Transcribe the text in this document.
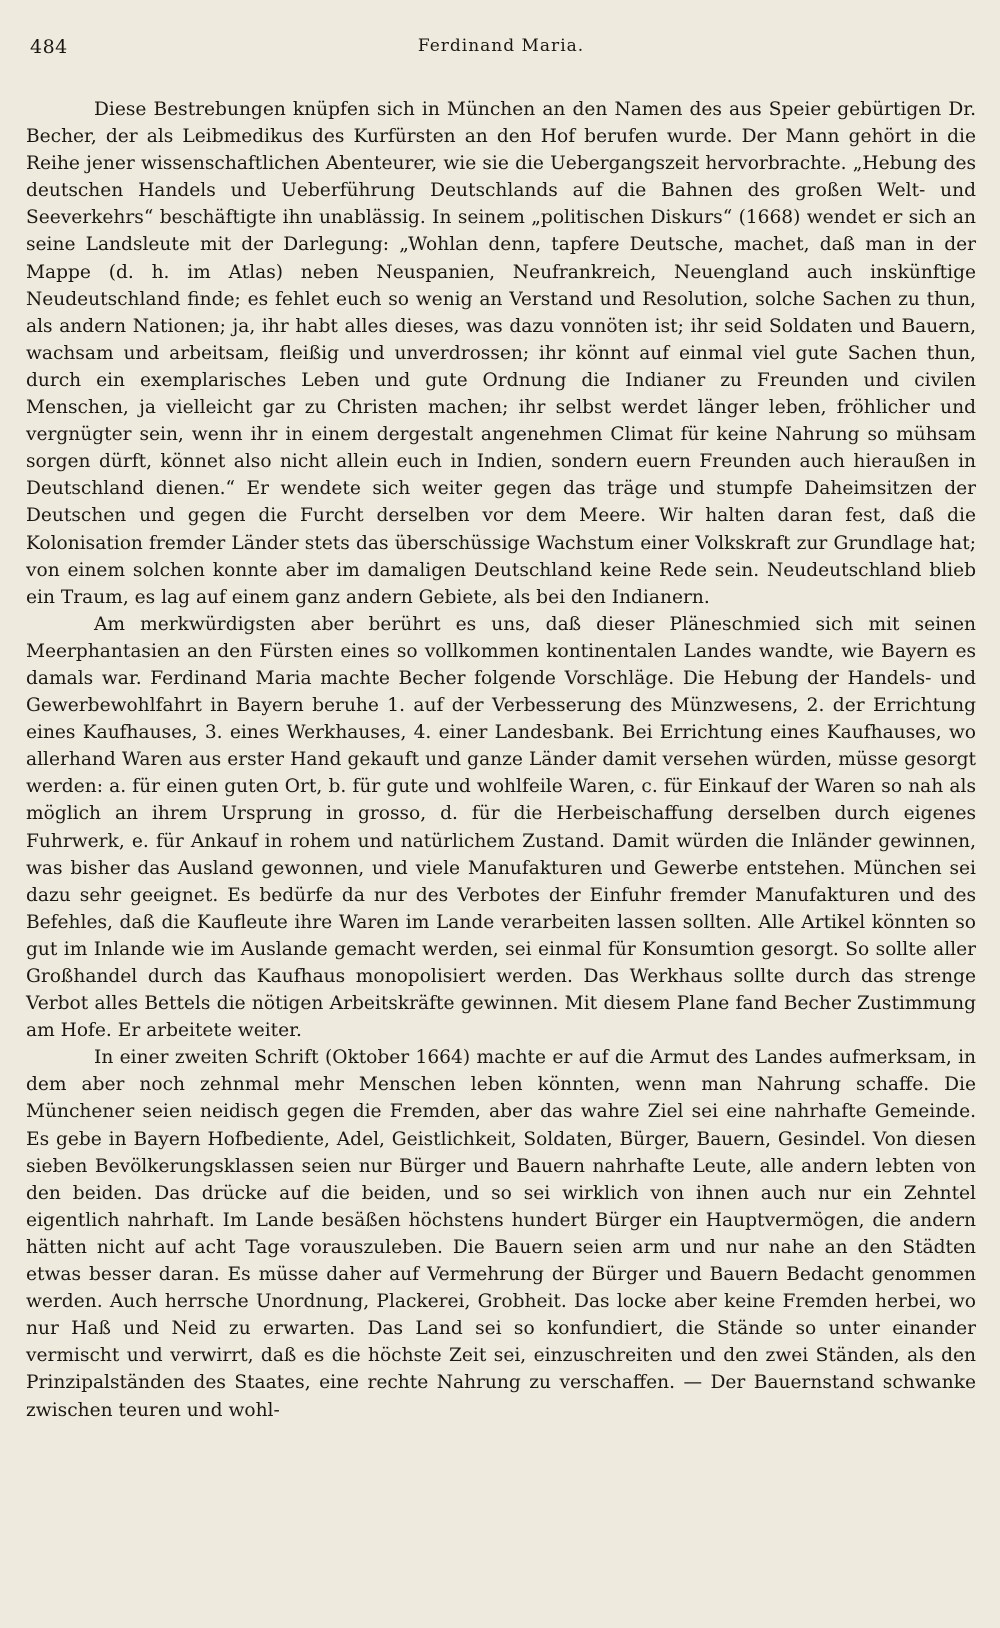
484	Ferdinand Maria.

Diese Bestrebungen knüpfen sich in München an den Namen des aus Speier gebürtigen Dr. Becher, der als Leibmedikus des Kurfürsten an den Hof berufen wurde. Der Mann gehört in die Reihe jener wissenschaftlichen Abenteurer, wie sie die Uebergangszeit hervorbrachte. „Hebung des deutschen Handels und Ueberführung Deutschlands auf die Bahnen des großen Welt- und Seeverkehrs“ beschäftigte ihn unablässig. In seinem „politischen Diskurs“ (1668) wendet er sich an seine Landsleute mit der Darlegung: „Wohlan denn, tapfere Deutsche, machet, daß man in der Mappe (d. h. im Atlas) neben Neuspanien, Neufrankreich, Neuengland auch inskünftige Neudeutschland finde; es fehlet euch so wenig an Verstand und Resolution, solche Sachen zu thun, als andern Nationen; ja, ihr habt alles dieses, was dazu vonnöten ist; ihr seid Soldaten und Bauern, wachsam und arbeitsam, fleißig und unverdrossen; ihr könnt auf einmal viel gute Sachen thun, durch ein exemplarisches Leben und gute Ordnung die Indianer zu Freunden und civilen Menschen, ja vielleicht gar zu Christen machen; ihr selbst werdet länger leben, fröhlicher und vergnügter sein, wenn ihr in einem dergestalt angenehmen Climat für keine Nahrung so mühsam sorgen dürft, könnet also nicht allein euch in Indien, sondern euern Freunden auch hieraußen in Deutschland dienen.“ Er wendete sich weiter gegen das träge und stumpfe Daheimsitzen der Deutschen und gegen die Furcht derselben vor dem Meere. Wir halten daran fest, daß die Kolonisation fremder Länder stets das überschüssige Wachstum einer Volkskraft zur Grundlage hat; von einem solchen konnte aber im damaligen Deutschland keine Rede sein. Neudeutschland blieb ein Traum, es lag auf einem ganz andern Gebiete, als bei den Indianern.

Am merkwürdigsten aber berührt es uns, daß dieser Pläneschmied sich mit seinen Meerphantasien an den Fürsten eines so vollkommen kontinentalen Landes wandte, wie Bayern es damals war. Ferdinand Maria machte Becher folgende Vorschläge. Die Hebung der Handels- und Gewerbewohlfahrt in Bayern beruhe 1. auf der Verbesserung des Münzwesens, 2. der Errichtung eines Kaufhauses, 3. eines Werkhauses, 4. einer Landesbank. Bei Errichtung eines Kaufhauses, wo allerhand Waren aus erster Hand gekauft und ganze Länder damit versehen würden, müsse gesorgt werden: a. für einen guten Ort, b. für gute und wohlfeile Waren, c. für Einkauf der Waren so nah als möglich an ihrem Ursprung in grosso, d. für die Herbeischaffung derselben durch eigenes Fuhrwerk, e. für Ankauf in rohem und natürlichem Zustand. Damit würden die Inländer gewinnen, was bisher das Ausland gewonnen, und viele Manufakturen und Gewerbe entstehen. München sei dazu sehr geeignet. Es bedürfe da nur des Verbotes der Einfuhr fremder Manufakturen und des Befehles, daß die Kaufleute ihre Waren im Lande verarbeiten lassen sollten. Alle Artikel könnten so gut im Inlande wie im Auslande gemacht werden, sei einmal für Konsumtion gesorgt. So sollte aller Großhandel durch das Kaufhaus monopolisiert werden. Das Werkhaus sollte durch das strenge Verbot alles Bettels die nötigen Arbeitskräfte gewinnen. Mit diesem Plane fand Becher Zustimmung am Hofe. Er arbeitete weiter.

In einer zweiten Schrift (Oktober 1664) machte er auf die Armut des Landes aufmerksam, in dem aber noch zehnmal mehr Menschen leben könnten, wenn man Nahrung schaffe. Die Münchener seien neidisch gegen die Fremden, aber das wahre Ziel sei eine nahrhafte Gemeinde. Es gebe in Bayern Hofbediente, Adel, Geistlichkeit, Soldaten, Bürger, Bauern, Gesindel. Von diesen sieben Bevölkerungsklassen seien nur Bürger und Bauern nahrhafte Leute, alle andern lebten von den beiden. Das drücke auf die beiden, und so sei wirklich von ihnen auch nur ein Zehntel eigentlich nahrhaft. Im Lande besäßen höchstens hundert Bürger ein Hauptvermögen, die andern hätten nicht auf acht Tage vorauszuleben. Die Bauern seien arm und nur nahe an den Städten etwas besser daran. Es müsse daher auf Vermehrung der Bürger und Bauern Bedacht genommen werden. Auch herrsche Unordnung, Plackerei, Grobheit. Das locke aber keine Fremden herbei, wo nur Haß und Neid zu erwarten. Das Land sei so konfundiert, die Stände so unter einander vermischt und verwirrt, daß es die höchste Zeit sei, einzuschreiten und den zwei Ständen, als den Prinzipalständen des Staates, eine rechte Nahrung zu verschaffen. — Der Bauernstand schwanke zwischen teuren und wohl-
